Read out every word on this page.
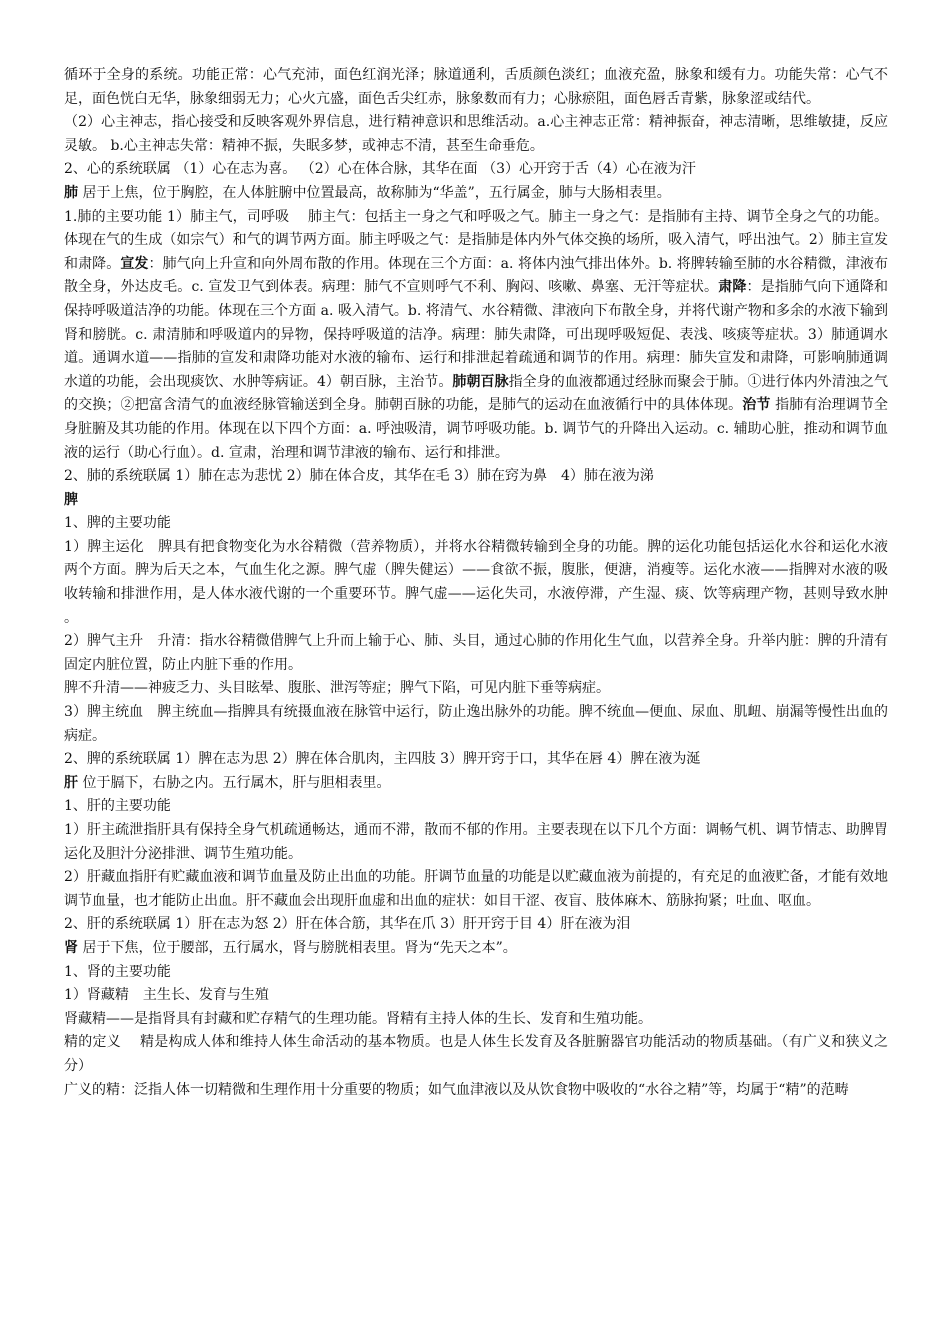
循环于全身的系统。功能正常：心气充沛，面色红润光泽；脉道通利，舌质颜色淡红；血液充盈，脉象和缓有力。功能失常：心气不足，面色恍白无华，脉象细弱无力；心火亢盛，面色舌尖红赤，脉象数而有力；心脉瘀阻，面色唇舌青紫，脉象涩或结代。

（2）心主神志，指心接受和反映客观外界信息，进行精神意识和思维活动。a.心主神志正常：精神振奋，神志清晰，思维敏捷，反应灵敏。 b.心主神志失常：精神不振，失眠多梦，或神志不清，甚至生命垂危。

2、心的系统联属 （1）心在志为喜。 （2）心在体合脉，其华在面 （3）心开窍于舌（4）心在液为汗

肺 居于上焦，位于胸腔，在人体脏腑中位置最高，故称肺为“华盖”，五行属金，肺与大肠相表里。

1.肺的主要功能 1）肺主气，司呼吸　 肺主气：包括主一身之气和呼吸之气。肺主一身之气：是指肺有主持、调节全身之气的功能。体现在气的生成（如宗气）和气的调节两方面。肺主呼吸之气：是指肺是体内外气体交换的场所，吸入清气，呼出浊气。2）肺主宣发和肃降。宣发：肺气向上升宣和向外周布散的作用。体现在三个方面：a. 将体内浊气排出体外。b. 将脾转输至肺的水谷精微，津液布散全身，外达皮毛。c. 宣发卫气到体表。病理：肺气不宣则呼气不利、胸闷、咳嗽、鼻塞、无汗等症状。肃降：是指肺气向下通降和保持呼吸道洁净的功能。体现在三个方面 a. 吸入清气。b. 将清气、水谷精微、津液向下布散全身，并将代谢产物和多余的水液下输到肾和膀胱。c. 肃清肺和呼吸道内的异物，保持呼吸道的洁净。病理：肺失肃降，可出现呼吸短促、表浅、咳痰等症状。3）肺通调水道。通调水道——指肺的宣发和肃降功能对水液的输布、运行和排泄起着疏通和调节的作用。病理：肺失宣发和肃降，可影响肺通调水道的功能，会出现痰饮、水肿等病证。4）朝百脉，主治节。肺朝百脉指全身的血液都通过经脉而聚会于肺。①进行体内外清浊之气的交换；②把富含清气的血液经脉管输送到全身。肺朝百脉的功能，是肺气的运动在血液循行中的具体体现。治节 指肺有治理调节全身脏腑及其功能的作用。体现在以下四个方面：a. 呼浊吸清，调节呼吸功能。b. 调节气的升降出入运动。c. 辅助心脏，推动和调节血液的运行（助心行血）。d. 宣肃，治理和调节津液的输布、运行和排泄。

2、肺的系统联属 1）肺在志为悲忧 2）肺在体合皮，其华在毛 3）肺在窍为鼻　4）肺在液为涕

脾

1、脾的主要功能

1）脾主运化　脾具有把食物变化为水谷精微（营养物质），并将水谷精微转输到全身的功能。脾的运化功能包括运化水谷和运化水液两个方面。脾为后天之本，气血生化之源。脾气虚（脾失健运）——食欲不振，腹胀，便溏，消瘦等。运化水液——指脾对水液的吸收转输和排泄作用，是人体水液代谢的一个重要环节。脾气虚——运化失司，水液停滞，产生湿、痰、饮等病理产物，甚则导致水肿 。

2）脾气主升　升清：指水谷精微借脾气上升而上输于心、肺、头目，通过心肺的作用化生气血，以营养全身。升举内脏：脾的升清有固定内脏位置，防止内脏下垂的作用。

脾不升清——神疲乏力、头目眩晕、腹胀、泄泻等症；脾气下陷，可见内脏下垂等病症。

3）脾主统血　脾主统血—指脾具有统摄血液在脉管中运行，防止逸出脉外的功能。脾不统血—便血、尿血、肌衄、崩漏等慢性出血的病症。

2、脾的系统联属 1）脾在志为思 2）脾在体合肌肉，主四肢 3）脾开窍于口，其华在唇 4）脾在液为涎

肝 位于膈下，右胁之内。五行属木，肝与胆相表里。

1、肝的主要功能

1）肝主疏泄指肝具有保持全身气机疏通畅达，通而不滞，散而不郁的作用。主要表现在以下几个方面：调畅气机、调节情志、助脾胃运化及胆汁分泌排泄、调节生殖功能。

2）肝藏血指肝有贮藏血液和调节血量及防止出血的功能。肝调节血量的功能是以贮藏血液为前提的，有充足的血液贮备，才能有效地调节血量，也才能防止出血。肝不藏血会出现肝血虚和出血的症状：如目干涩、夜盲、肢体麻木、筋脉拘紧；吐血、呕血。

2、肝的系统联属 1）肝在志为怒 2）肝在体合筋，其华在爪 3）肝开窍于目 4）肝在液为泪

肾 居于下焦，位于腰部，五行属水，肾与膀胱相表里。肾为“先天之本”。

1、肾的主要功能

1）肾藏精　主生长、发育与生殖

肾藏精——是指肾具有封藏和贮存精气的生理功能。肾精有主持人体的生长、发育和生殖功能。

精的定义　 精是构成人体和维持人体生命活动的基本物质。也是人体生长发育及各脏腑器官功能活动的物质基础。（有广义和狭义之分）

广义的精：泛指人体一切精微和生理作用十分重要的物质；如气血津液以及从饮食物中吸收的“水谷之精”等，均属于“精”的范畴
